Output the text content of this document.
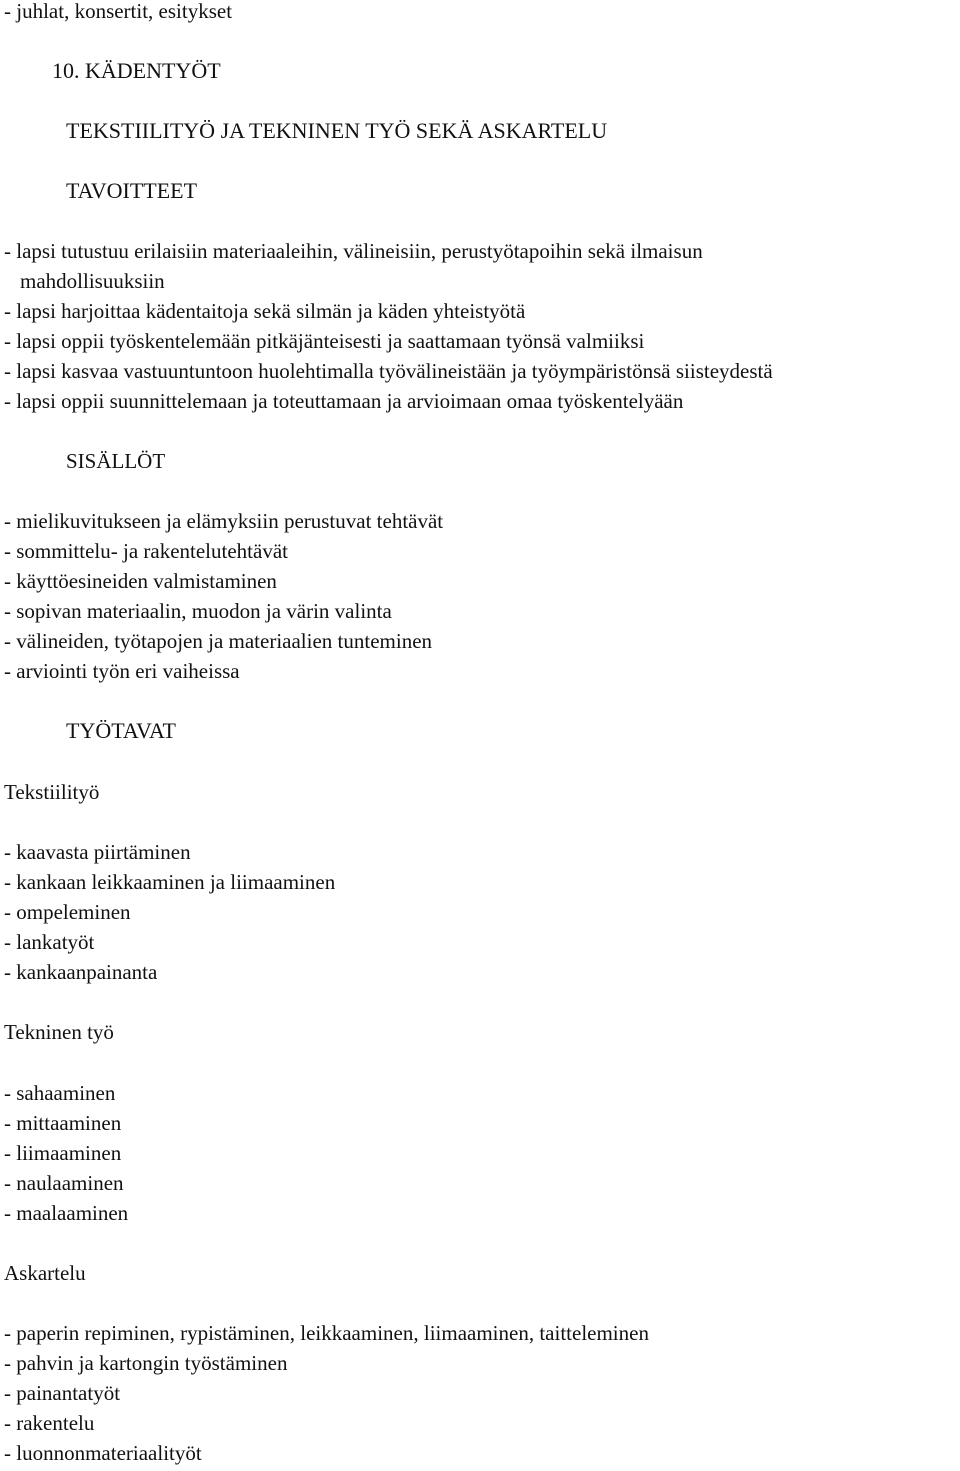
- juhlat, konsertit, esitykset
10. KÄDENTYÖT
TEKSTIILITYÖ JA TEKNINEN TYÖ SEKÄ ASKARTELU
TAVOITTEET
- lapsi tutustuu erilaisiin materiaaleihin, välineisiin, perustyötapoihin sekä ilmaisun
mahdollisuuksiin
- lapsi harjoittaa kädentaitoja sekä silmän ja käden yhteistyötä
- lapsi oppii työskentelemään pitkäjänteisesti ja saattamaan työnsä valmiiksi
- lapsi kasvaa vastuuntuntoon huolehtimalla työvälineistään ja työympäristönsä siisteydestä
- lapsi oppii suunnittelemaan ja toteuttamaan ja arvioimaan omaa työskentelyään
SISÄLLÖT
- mielikuvitukseen ja elämyksiin perustuvat tehtävät
- sommittelu- ja rakentelutehtävät
- käyttöesineiden valmistaminen
- sopivan materiaalin, muodon ja värin valinta
- välineiden, työtapojen ja materiaalien tunteminen
- arviointi työn eri vaiheissa
TYÖTAVAT
Tekstiilityö
- kaavasta piirtäminen
- kankaan leikkaaminen ja liimaaminen
- ompeleminen
- lankatyöt
- kankaanpainanta
Tekninen työ
- sahaaminen
- mittaaminen
- liimaaminen
- naulaaminen
- maalaaminen
Askartelu
- paperin repiminen, rypistäminen, leikkaaminen, liimaaminen, taitteleminen
- pahvin ja kartongin työstäminen
- painantatyöt
- rakentelu
- luonnonmateriaalityöt
